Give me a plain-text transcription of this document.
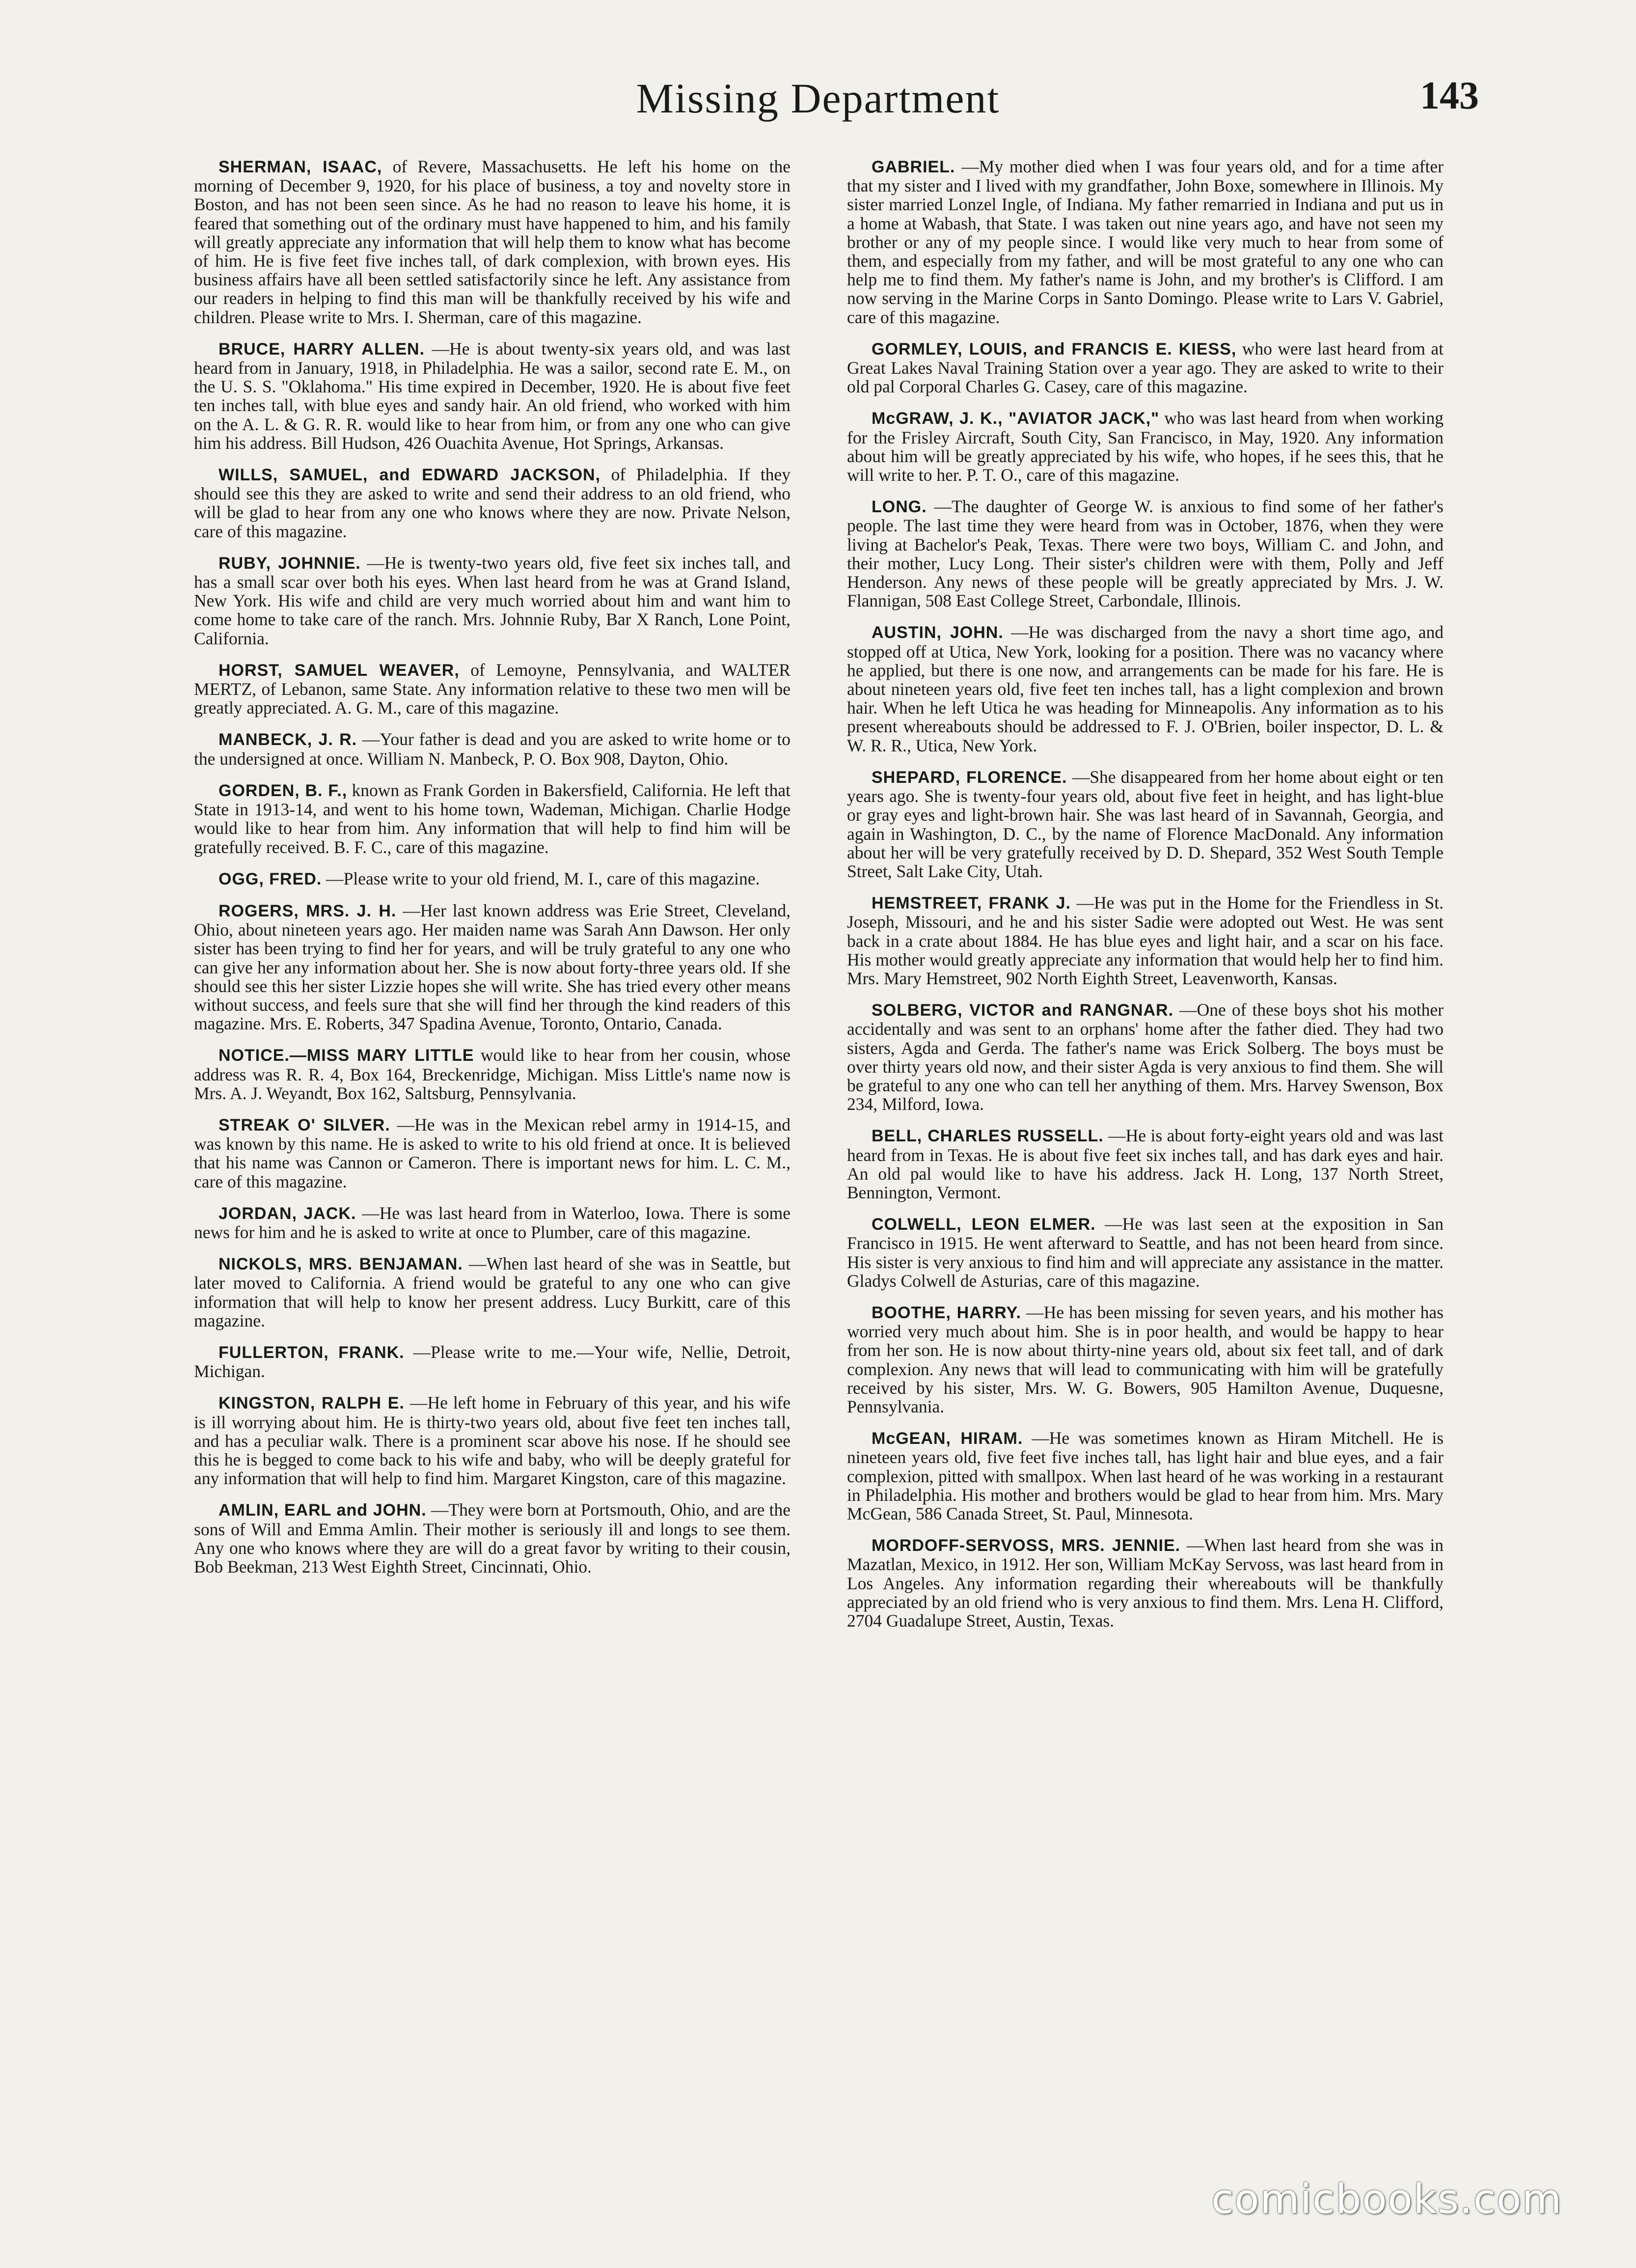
Missing Department	143

SHERMAN, ISAAC, of Revere, Massachusetts. He left his home on the morning of December 9, 1920, for his place of business, a toy and novelty store in Boston, and has not been seen since. As he had no reason to leave his home, it is feared that something out of the ordinary must have happened to him, and his family will greatly appreciate any information that will help them to know what has become of him. He is five feet five inches tall, of dark complexion, with brown eyes. His business affairs have all been settled satisfactorily since he left. Any assistance from our readers in helping to find this man will be thankfully received by his wife and children. Please write to Mrs. I. Sherman, care of this magazine.

BRUCE, HARRY ALLEN. —He is about twenty-six years old, and was last heard from in January, 1918, in Philadelphia. He was a sailor, second rate E. M., on the U. S. S. "Oklahoma." His time expired in December, 1920. He is about five feet ten inches tall, with blue eyes and sandy hair. An old friend, who worked with him on the A. L. & G. R. R. would like to hear from him, or from any one who can give him his address. Bill Hudson, 426 Ouachita Avenue, Hot Springs, Arkansas.

WILLS, SAMUEL, and EDWARD JACKSON, of Philadelphia. If they should see this they are asked to write and send their address to an old friend, who will be glad to hear from any one who knows where they are now. Private Nelson, care of this magazine.

RUBY, JOHNNIE. —He is twenty-two years old, five feet six inches tall, and has a small scar over both his eyes. When last heard from he was at Grand Island, New York. His wife and child are very much worried about him and want him to come home to take care of the ranch. Mrs. Johnnie Ruby, Bar X Ranch, Lone Point, California.

HORST, SAMUEL WEAVER, of Lemoyne, Pennsylvania, and WALTER MERTZ, of Lebanon, same State. Any information relative to these two men will be greatly appreciated. A. G. M., care of this magazine.

MANBECK, J. R. —Your father is dead and you are asked to write home or to the undersigned at once. William N. Manbeck, P. O. Box 908, Dayton, Ohio.

GORDEN, B. F., known as Frank Gorden in Bakersfield, California. He left that State in 1913-14, and went to his home town, Wademan, Michigan. Charlie Hodge would like to hear from him. Any information that will help to find him will be gratefully received. B. F. C., care of this magazine.

OGG, FRED. —Please write to your old friend, M. I., care of this magazine.

ROGERS, MRS. J. H. —Her last known address was Erie Street, Cleveland, Ohio, about nineteen years ago. Her maiden name was Sarah Ann Dawson. Her only sister has been trying to find her for years, and will be truly grateful to any one who can give her any information about her. She is now about forty-three years old. If she should see this her sister Lizzie hopes she will write. She has tried every other means without success, and feels sure that she will find her through the kind readers of this magazine. Mrs. E. Roberts, 347 Spadina Avenue, Toronto, Ontario, Canada.

NOTICE.—MISS MARY LITTLE would like to hear from her cousin, whose address was R. R. 4, Box 164, Breckenridge, Michigan. Miss Little's name now is Mrs. A. J. Weyandt, Box 162, Saltsburg, Pennsylvania.

STREAK O' SILVER. —He was in the Mexican rebel army in 1914-15, and was known by this name. He is asked to write to his old friend at once. It is believed that his name was Cannon or Cameron. There is important news for him. L. C. M., care of this magazine.

JORDAN, JACK. —He was last heard from in Waterloo, Iowa. There is some news for him and he is asked to write at once to Plumber, care of this magazine.

NICKOLS, MRS. BENJAMAN. —When last heard of she was in Seattle, but later moved to California. A friend would be grateful to any one who can give information that will help to know her present address. Lucy Burkitt, care of this magazine.

FULLERTON, FRANK. —Please write to me.—Your wife, Nellie, Detroit, Michigan.

KINGSTON, RALPH E. —He left home in February of this year, and his wife is ill worrying about him. He is thirty-two years old, about five feet ten inches tall, and has a peculiar walk. There is a prominent scar above his nose. If he should see this he is begged to come back to his wife and baby, who will be deeply grateful for any information that will help to find him. Margaret Kingston, care of this magazine.

AMLIN, EARL and JOHN. —They were born at Portsmouth, Ohio, and are the sons of Will and Emma Amlin. Their mother is seriously ill and longs to see them. Any one who knows where they are will do a great favor by writing to their cousin, Bob Beekman, 213 West Eighth Street, Cincinnati, Ohio.

GABRIEL. —My mother died when I was four years old, and for a time after that my sister and I lived with my grandfather, John Boxe, somewhere in Illinois. My sister married Lonzel Ingle, of Indiana. My father remarried in Indiana and put us in a home at Wabash, that State. I was taken out nine years ago, and have not seen my brother or any of my people since. I would like very much to hear from some of them, and especially from my father, and will be most grateful to any one who can help me to find them. My father's name is John, and my brother's is Clifford. I am now serving in the Marine Corps in Santo Domingo. Please write to Lars V. Gabriel, care of this magazine.

GORMLEY, LOUIS, and FRANCIS E. KIESS, who were last heard from at Great Lakes Naval Training Station over a year ago. They are asked to write to their old pal Corporal Charles G. Casey, care of this magazine.

McGRAW, J. K., "AVIATOR JACK," who was last heard from when working for the Frisley Aircraft, South City, San Francisco, in May, 1920. Any information about him will be greatly appreciated by his wife, who hopes, if he sees this, that he will write to her. P. T. O., care of this magazine.

LONG. —The daughter of George W. is anxious to find some of her father's people. The last time they were heard from was in October, 1876, when they were living at Bachelor's Peak, Texas. There were two boys, William C. and John, and their mother, Lucy Long. Their sister's children were with them, Polly and Jeff Henderson. Any news of these people will be greatly appreciated by Mrs. J. W. Flannigan, 508 East College Street, Carbondale, Illinois.

AUSTIN, JOHN. —He was discharged from the navy a short time ago, and stopped off at Utica, New York, looking for a position. There was no vacancy where he applied, but there is one now, and arrangements can be made for his fare. He is about nineteen years old, five feet ten inches tall, has a light complexion and brown hair. When he left Utica he was heading for Minneapolis. Any information as to his present whereabouts should be addressed to F. J. O'Brien, boiler inspector, D. L. & W. R. R., Utica, New York.

SHEPARD, FLORENCE. —She disappeared from her home about eight or ten years ago. She is twenty-four years old, about five feet in height, and has light-blue or gray eyes and light-brown hair. She was last heard of in Savannah, Georgia, and again in Washington, D. C., by the name of Florence MacDonald. Any information about her will be very gratefully received by D. D. Shepard, 352 West South Temple Street, Salt Lake City, Utah.

HEMSTREET, FRANK J. —He was put in the Home for the Friendless in St. Joseph, Missouri, and he and his sister Sadie were adopted out West. He was sent back in a crate about 1884. He has blue eyes and light hair, and a scar on his face. His mother would greatly appreciate any information that would help her to find him. Mrs. Mary Hemstreet, 902 North Eighth Street, Leavenworth, Kansas.

SOLBERG, VICTOR and RANGNAR. —One of these boys shot his mother accidentally and was sent to an orphans' home after the father died. They had two sisters, Agda and Gerda. The father's name was Erick Solberg. The boys must be over thirty years old now, and their sister Agda is very anxious to find them. She will be grateful to any one who can tell her anything of them. Mrs. Harvey Swenson, Box 234, Milford, Iowa.

BELL, CHARLES RUSSELL. —He is about forty-eight years old and was last heard from in Texas. He is about five feet six inches tall, and has dark eyes and hair. An old pal would like to have his address. Jack H. Long, 137 North Street, Bennington, Vermont.

COLWELL, LEON ELMER. —He was last seen at the exposition in San Francisco in 1915. He went afterward to Seattle, and has not been heard from since. His sister is very anxious to find him and will appreciate any assistance in the matter. Gladys Colwell de Asturias, care of this magazine.

BOOTHE, HARRY. —He has been missing for seven years, and his mother has worried very much about him. She is in poor health, and would be happy to hear from her son. He is now about thirty-nine years old, about six feet tall, and of dark complexion. Any news that will lead to communicating with him will be gratefully received by his sister, Mrs. W. G. Bowers, 905 Hamilton Avenue, Duquesne, Pennsylvania.

McGEAN, HIRAM. —He was sometimes known as Hiram Mitchell. He is nineteen years old, five feet five inches tall, has light hair and blue eyes, and a fair complexion, pitted with smallpox. When last heard of he was working in a restaurant in Philadelphia. His mother and brothers would be glad to hear from him. Mrs. Mary McGean, 586 Canada Street, St. Paul, Minnesota.

MORDOFF-SERVOSS, MRS. JENNIE. —When last heard from she was in Mazatlan, Mexico, in 1912. Her son, William McKay Servoss, was last heard from in Los Angeles. Any information regarding their whereabouts will be thankfully appreciated by an old friend who is very anxious to find them. Mrs. Lena H. Clifford, 2704 Guadalupe Street, Austin, Texas.

comicbooks.com
